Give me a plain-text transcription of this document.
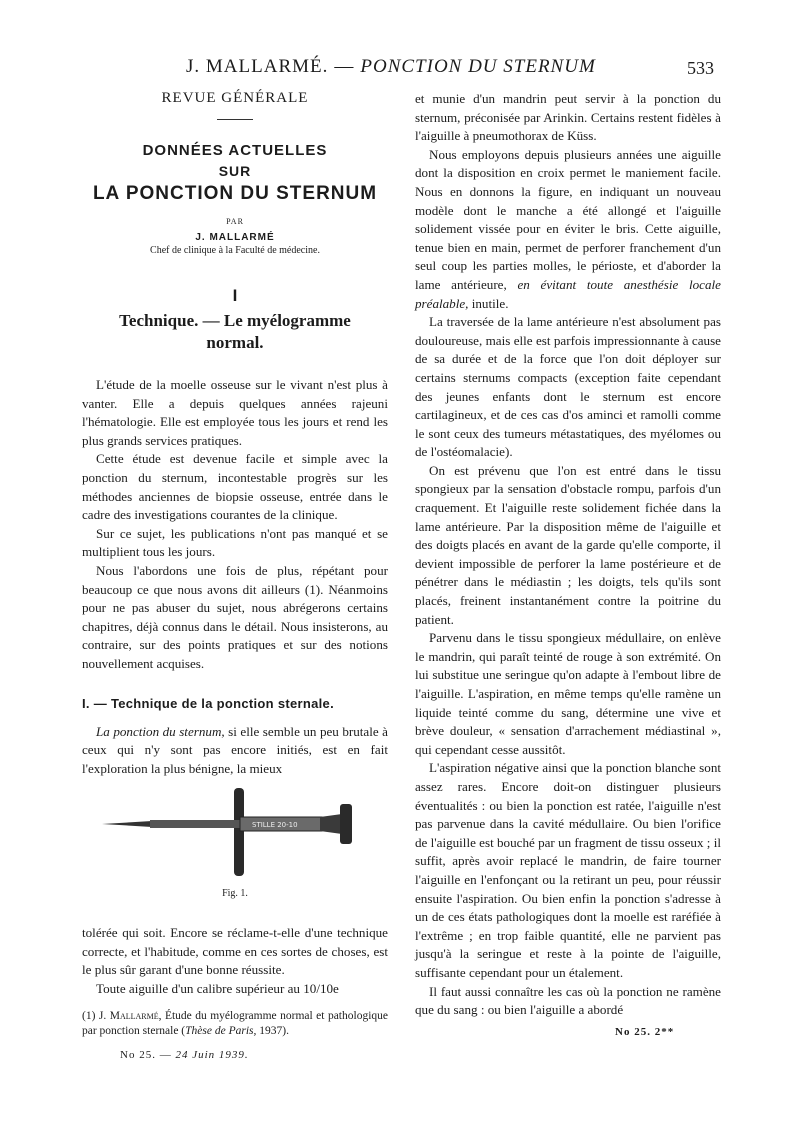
J. MALLARMÉ. — PONCTION DU STERNUM	533
REVUE GÉNÉRALE
DONNÉES ACTUELLES
SUR
LA PONCTION DU STERNUM
PAR
J. MALLARMÉ
Chef de clinique à la Faculté de médecine.
I
Technique. — Le myélogramme normal.

L'étude de la moelle osseuse sur le vivant n'est plus à vanter. Elle a depuis quelques années rajeuni l'hématologie. Elle est employée tous les jours et rend les plus grands services pratiques.

Cette étude est devenue facile et simple avec la ponction du sternum, incontestable progrès sur les méthodes anciennes de biopsie osseuse, entrée dans le cadre des investigations courantes de la clinique.

Sur ce sujet, les publications n'ont pas manqué et se multiplient tous les jours.

Nous l'abordons une fois de plus, répétant pour beaucoup ce que nous avons dit ailleurs (1). Néanmoins pour ne pas abuser du sujet, nous abrégerons certains chapitres, déjà connus dans le détail. Nous insisterons, au contraire, sur des points pratiques et sur des notions nouvellement acquises.

I. — Technique de la ponction sternale.

La ponction du sternum, si elle semble un peu brutale à ceux qui n'y sont pas encore initiés, est en fait l'exploration la plus bénigne, la mieux

STILLE 20-10
Fig. 1.

tolérée qui soit. Encore se réclame-t-elle d'une technique correcte, et l'habitude, comme en ces sortes de choses, est le plus sûr garant d'une bonne réussite.

Toute aiguille d'un calibre supérieur au 10/10e

(1) J. Mallarmé, Étude du myélogramme normal et pathologique par ponction sternale (Thèse de Paris, 1937).
No 25. — 24 Juin 1939.

et munie d'un mandrin peut servir à la ponction du sternum, préconisée par Arinkin. Certains restent fidèles à l'aiguille à pneumothorax de Küss.

Nous employons depuis plusieurs années une aiguille dont la disposition en croix permet le maniement facile. Nous en donnons la figure, en indiquant un nouveau modèle dont le manche a été allongé et l'aiguille solidement vissée pour en éviter le bris. Cette aiguille, tenue bien en main, permet de perforer franchement d'un seul coup les parties molles, le périoste, et d'aborder la lame antérieure, en évitant toute anesthésie locale préalable, inutile.

La traversée de la lame antérieure n'est absolument pas douloureuse, mais elle est parfois impressionnante à cause de sa durée et de la force que l'on doit déployer sur certains sternums compacts (exception faite cependant des jeunes enfants dont le sternum est encore cartilagineux, et de ces cas d'os aminci et ramolli comme le sont ceux des tumeurs métastatiques, des myélomes ou de l'ostéomalacie).

On est prévenu que l'on est entré dans le tissu spongieux par la sensation d'obstacle rompu, parfois d'un craquement. Et l'aiguille reste solidement fichée dans la lame antérieure. Par la disposition même de l'aiguille et des doigts placés en avant de la garde qu'elle comporte, il devient impossible de perforer la lame postérieure et de pénétrer dans le médiastin ; les doigts, tels qu'ils sont placés, freinent instantanément contre la poitrine du patient.

Parvenu dans le tissu spongieux médullaire, on enlève le mandrin, qui paraît teinté de rouge à son extrémité. On lui substitue une seringue qu'on adapte à l'embout libre de l'aiguille. L'aspiration, en même temps qu'elle ramène un liquide teinté comme du sang, détermine une vive et brève douleur, « sensation d'arrachement médiastinal », qui cependant cesse aussitôt.

L'aspiration négative ainsi que la ponction blanche sont assez rares. Encore doit-on distinguer plusieurs éventualités : ou bien la ponction est ratée, l'aiguille n'est pas parvenue dans la cavité médullaire. Ou bien l'orifice de l'aiguille est bouché par un fragment de tissu osseux ; il suffit, après avoir replacé le mandrin, de faire tourner l'aiguille en l'enfonçant ou la retirant un peu, pour réussir ensuite l'aspiration. Ou bien enfin la ponction s'adresse à un de ces états pathologiques dont la moelle est raréfiée à l'extrême ; en trop faible quantité, elle ne parvient pas jusqu'à la seringue et reste à la pointe de l'aiguille, suffisante cependant pour un étalement.

Il faut aussi connaître les cas où la ponction ne ramène que du sang : ou bien l'aiguille a abordé

No 25. 2**
